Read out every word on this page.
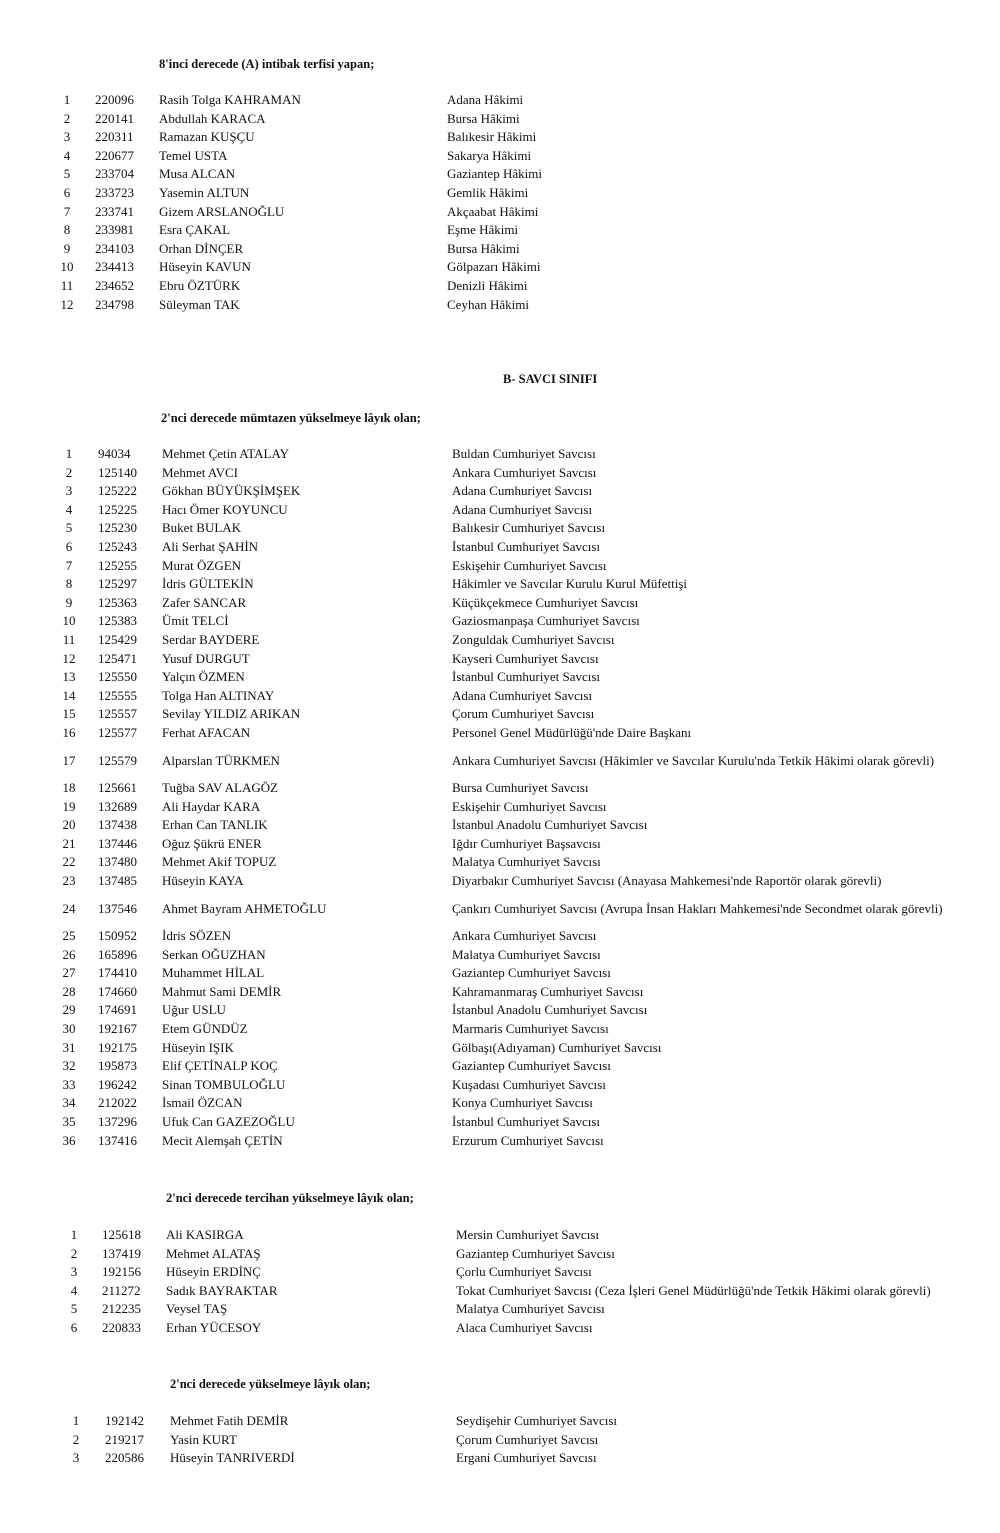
8'inci derecede (A) intibak terfisi yapan;
1	220096 Rasih Tolga KAHRAMAN	Adana Hâkimi
2	220141 Abdullah KARACA	Bursa Hâkimi
3	220311 Ramazan KUŞÇU	Balıkesir Hâkimi
4	220677 Temel USTA	Sakarya Hâkimi
5	233704 Musa ALCAN	Gaziantep Hâkimi
6	233723 Yasemin ALTUN	Gemlik Hâkimi
7	233741 Gizem ARSLANOĞLU	Akçaabat Hâkimi
8	233981 Esra ÇAKAL	Eşme Hâkimi
9	234103 Orhan DİNÇER	Bursa Hâkimi
10 234413 Hüseyin KAVUN	Gölpazarı Hâkimi
11 234652 Ebru ÖZTÜRK	Denizli Hâkimi
12 234798 Süleyman TAK	Ceyhan Hâkimi
B- SAVCI SINIFI
2'nci derecede mümtazen yükselmeye lâyık olan;
1	94034 Mehmet Çetin ATALAY	Buldan Cumhuriyet Savcısı
2	125140 Mehmet AVCI	Ankara Cumhuriyet Savcısı
3	125222 Gökhan BÜYÜKŞİMŞEK	Adana Cumhuriyet Savcısı
4	125225 Hacı Ömer KOYUNCU	Adana Cumhuriyet Savcısı
5	125230 Buket BULAK	Balıkesir Cumhuriyet Savcısı
6	125243 Ali Serhat ŞAHİN	İstanbul Cumhuriyet Savcısı
7	125255 Murat ÖZGEN	Eskişehir Cumhuriyet Savcısı
8	125297 İdris GÜLTEKİN	Hâkimler ve Savcılar Kurulu Kurul Müfettişi
9	125363 Zafer SANCAR	Küçükçekmece Cumhuriyet Savcısı
10 125383 Ümit TELCİ	Gaziosmanpaşa Cumhuriyet Savcısı
11 125429 Serdar BAYDERE	Zonguldak Cumhuriyet Savcısı
12 125471 Yusuf DURGUT	Kayseri Cumhuriyet Savcısı
13 125550 Yalçın ÖZMEN	İstanbul Cumhuriyet Savcısı
14 125555 Tolga Han ALTINAY	Adana Cumhuriyet Savcısı
15 125557 Sevilay YILDIZ ARIKAN	Çorum Cumhuriyet Savcısı
16 125577 Ferhat AFACAN	Personel Genel Müdürlüğü'nde Daire Başkanı
17 125579 Alparslan TÜRKMEN	Ankara Cumhuriyet Savcısı (Hâkimler ve Savcılar Kurulu'nda Tetkik Hâkimi olarak görevli)
18 125661 Tuğba SAV ALAGÖZ	Bursa Cumhuriyet Savcısı
19 132689 Ali Haydar KARA	Eskişehir Cumhuriyet Savcısı
20 137438 Erhan Can TANLIK	İstanbul Anadolu Cumhuriyet Savcısı
21 137446 Oğuz Şükrü ENER	Iğdır Cumhuriyet Başsavcısı
22 137480 Mehmet Akif TOPUZ	Malatya Cumhuriyet Savcısı
23 137485 Hüseyin KAYA	Diyarbakır Cumhuriyet Savcısı (Anayasa Mahkemesi'nde Raportör olarak görevli)
24 137546 Ahmet Bayram AHMETOĞLU	Çankırı Cumhuriyet Savcısı (Avrupa İnsan Hakları Mahkemesi'nde Secondmet olarak görevli)
25 150952 İdris SÖZEN	Ankara Cumhuriyet Savcısı
26 165896 Serkan OĞUZHAN	Malatya Cumhuriyet Savcısı
27 174410 Muhammet HİLAL	Gaziantep Cumhuriyet Savcısı
28 174660 Mahmut Sami DEMİR	Kahramanmaraş Cumhuriyet Savcısı
29 174691 Uğur USLU	İstanbul Anadolu Cumhuriyet Savcısı
30 192167 Etem GÜNDÜZ	Marmaris Cumhuriyet Savcısı
31 192175 Hüseyin IŞIK	Gölbaşı(Adıyaman) Cumhuriyet Savcısı
32 195873 Elif ÇETİNALP KOÇ	Gaziantep Cumhuriyet Savcısı
33 196242 Sinan TOMBULOĞLU	Kuşadası Cumhuriyet Savcısı
34 212022 İsmail ÖZCAN	Konya Cumhuriyet Savcısı
35 137296 Ufuk Can GAZEZOĞLU	İstanbul Cumhuriyet Savcısı
36 137416 Mecit Alemşah ÇETİN	Erzurum Cumhuriyet Savcısı
2'nci derecede tercihan yükselmeye lâyık olan;
1	125618 Ali KASIRGA	Mersin Cumhuriyet Savcısı
2	137419 Mehmet ALATAŞ	Gaziantep Cumhuriyet Savcısı
3	192156 Hüseyin ERDİNÇ	Çorlu Cumhuriyet Savcısı
4	211272 Sadık BAYRAKTAR	Tokat Cumhuriyet Savcısı (Ceza İşleri Genel Müdürlüğü'nde Tetkik Hâkimi olarak görevli)
5	212235 Veysel TAŞ	Malatya Cumhuriyet Savcısı
6	220833 Erhan YÜCESOY	Alaca Cumhuriyet Savcısı
2'nci derecede yükselmeye lâyık olan;
1	192142 Mehmet Fatih DEMİR	Seydişehir Cumhuriyet Savcısı
2	219217 Yasin KURT	Çorum Cumhuriyet Savcısı
3	220586 Hüseyin TANRIVERDİ	Ergani Cumhuriyet Savcısı
